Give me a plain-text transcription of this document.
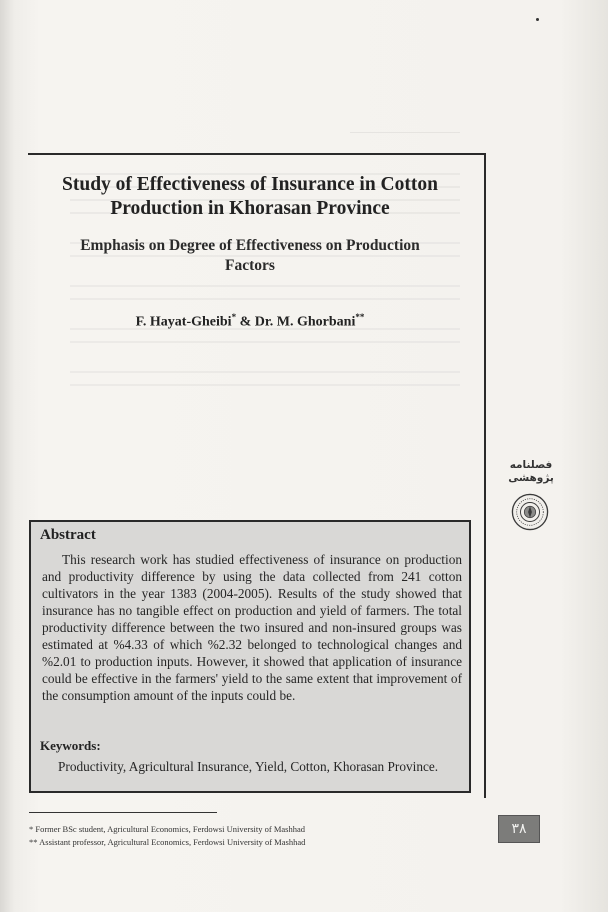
Study of Effectiveness of Insurance in Cotton Production in Khorasan Province
Emphasis on Degree of Effectiveness on Production Factors
F. Hayat-Gheibi* & Dr. M. Ghorbani**
Abstract
This research work has studied effectiveness of insurance on production and productivity difference by using the data collected from 241 cotton cultivators in the year 1383 (2004-2005). Results of the study showed that insurance has no tangible effect on production and yield of farmers. The total productivity difference between the two insured and non-insured groups was estimated at %4.33 of which %2.32 belonged to technological changes and %2.01 to production inputs. However, it showed that application of insurance could be effective in the farmers' yield to the same extent that improvement of the consumption amount of the inputs could be.
Keywords:
Productivity, Agricultural Insurance, Yield, Cotton, Khorasan Province.
* Former BSc student, Agricultural Economics, Ferdowsi University of Mashhad
** Assistant professor, Agricultural Economics, Ferdowsi University of Mashhad
فصلنامه
پژوهشی
۳۸
